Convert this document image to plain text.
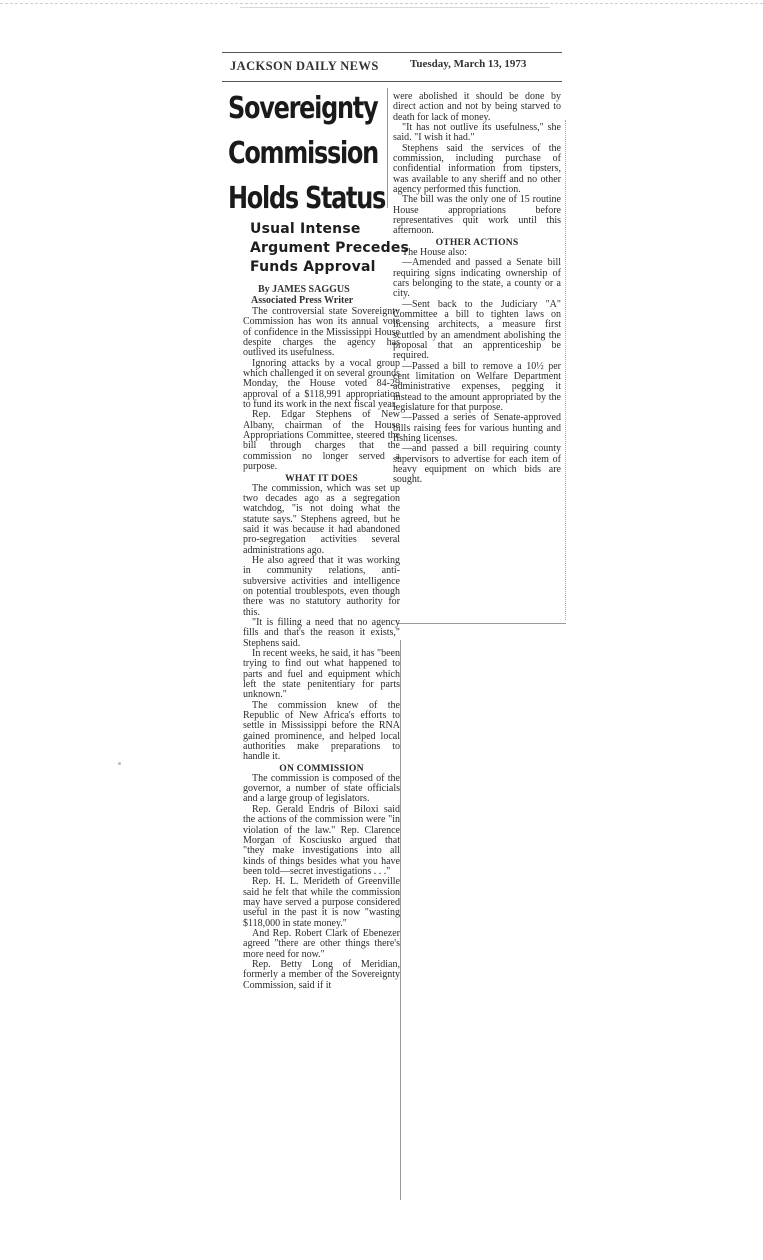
JACKSON DAILY NEWS	Tuesday, March 13, 1973
Sovereignty
Commission
Holds Status
Usual Intense
Argument Precedes
Funds Approval
By JAMES SAGGUS
Associated Press Writer

The controversial state Sovereignty Commission has won its annual vote of confidence in the Mississippi House despite charges the agency has outlived its usefulness.

Ignoring attacks by a vocal group which challenged it on several grounds Monday, the House voted 84-29 approval of a $118,991 appropriation to fund its work in the next fiscal year.

Rep. Edgar Stephens of New Albany, chairman of the House Appropriations Committee, steered the bill through charges that the commission no longer served a purpose.

WHAT IT DOES

The commission, which was set up two decades ago as a segregation watchdog, "is not doing what the statute says." Stephens agreed, but he said it was because it had abandoned pro-segregation activities several administrations ago.

He also agreed that it was working in community relations, anti-subversive activities and intelligence on potential troublespots, even though there was no statutory authority for this.

"It is filling a need that no agency fills and that's the reason it exists," Stephens said.

In recent weeks, he said, it has "been trying to find out what happened to parts and fuel and equipment which left the state penitentiary for parts unknown."

The commission knew of the Republic of New Africa's efforts to settle in Mississippi before the RNA gained prominence, and helped local authorities make preparations to handle it.

ON COMMISSION

The commission is composed of the governor, a number of state officials and a large group of legislators.

Rep. Gerald Endris of Biloxi said the actions of the commission were "in violation of the law." Rep. Clarence Morgan of Kosciusko argued that "they make investigations into all kinds of things besides what you have been told—secret investigations . . ."

Rep. H. L. Merideth of Greenville said he felt that while the commission may have served a purpose considered useful in the past it is now "wasting $118,000 in state money."

And Rep. Robert Clark of Ebenezer agreed "there are other things there's more need for now."

Rep. Betty Long of Meridian, formerly a member of the Sovereignty Commission, said if it

were abolished it should be done by direct action and not by being starved to death for lack of money.

"It has not outlive its usefulness," she said. "I wish it had."

Stephens said the services of the commission, including purchase of confidential information from tipsters, was available to any sheriff and no other agency performed this function.

The bill was the only one of 15 routine House appropriations before representatives quit work until this afternoon.

OTHER ACTIONS

The House also:

—Amended and passed a Senate bill requiring signs indicating ownership of cars belonging to the state, a county or a city.

—Sent back to the Judiciary "A" Committee a bill to tighten laws on licensing architects, a measure first scuttled by an amendment abolishing the proposal that an apprenticeship be required.

—Passed a bill to remove a 10½ per cent limitation on Welfare Department administrative expenses, pegging it instead to the amount appropriated by the legislature for that purpose.

—Passed a series of Senate-approved bills raising fees for various hunting and fishing licenses.

—and passed a bill requiring county supervisors to advertise for each item of heavy equipment on which bids are sought.
